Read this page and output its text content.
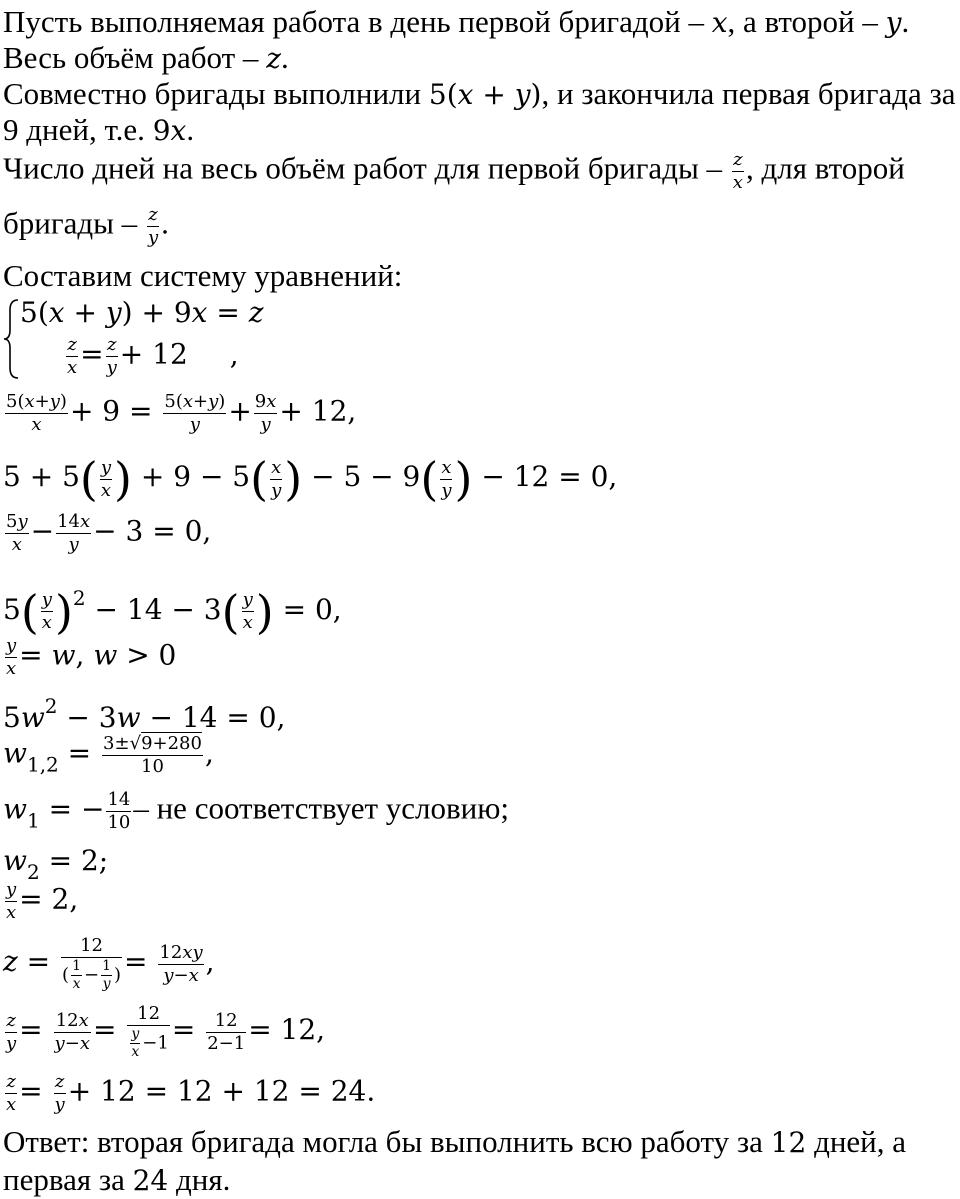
Пусть выполняемая работа в день первой бригадой – x, а второй – y.
Весь объём работ – z.
Совместно бригады выполнили 5(x + y), и закончила первая бригада за
9 дней, т.е. 9x.
Число дней на весь объём работ для первой бригады – $\frac{z}{x}$ , для второй
бригады – $\frac{z}{y}$ .
Составим систему уравнений:
5(x + y) + 9x = z
$\frac{z}{x} = \frac{z}{y} + 12$ ,
$\frac{5(x+y)}{x} + 9 = \frac{5(x+y)}{y} + \frac{9x}{y} + 12$,
$5 + 5( \frac{y}{x}$ ) + $9 - 5( \frac{x}{y}$ ) − $5 - 9( \frac{x}{y}$ ) − 12 = 0,
$\frac{5y}{x} - \frac{14x}{y} - 3 = 0$,
$5( \frac{y}{x} )^2 - 14 - 3( \frac{y}{x}$ ) = 0,
$\frac{y}{x} = w$, w > 0
$5w^2 - 3w - 14 = 0$,
$w_{1,2} = \frac{3\pm√9+280}{10}$ ,
$w_1$ = − $\frac{14}{10}$ – не соответствует условию;
$w_2 = 2$;
$\frac{y}{x} = 2$,
$z = \frac{12}{( \frac{1}{x} - \frac{1}{y} )} = \frac{12xy}{y-x}$ ,
$\frac{z}{y} = \frac{12x}{y-x} = \frac{12}{\frac{y}{x} -1} = \frac{12}{2-1} = 12$,
$\frac{z}{x} = \frac{z}{y} + 12 = 12 + 12 = 24$.
Ответ: вторая бригада могла бы выполнить всю работу за 12 дней, а
первая за 24 дня.
